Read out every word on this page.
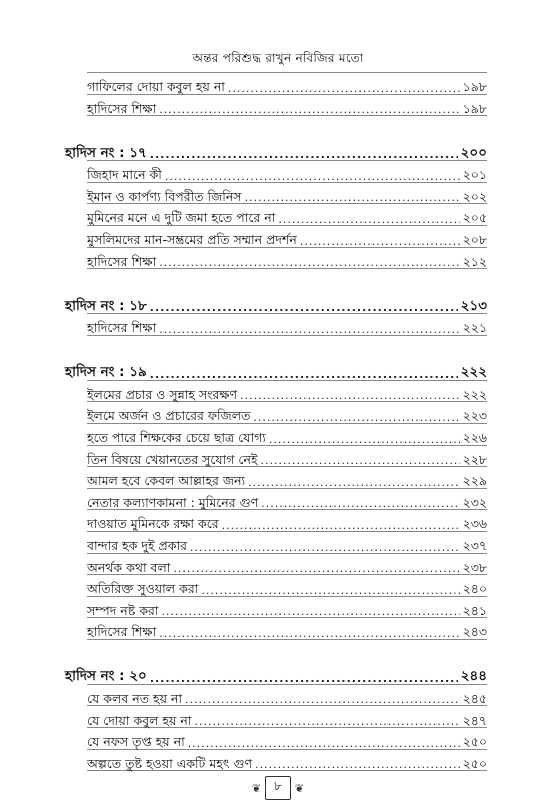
অন্তর পরিশুদ্ধ রাখুন নবিজির মতো
গাফিলের দোয়া কবুল হয় না .....	১৯৮
হাদিসের শিক্ষা .....	১৯৮
হাদিস নং : ১৭ .....	২০০
জিহাদ মানে কী .....	২০১
ইমান ও কার্পণ্য বিপরীত জিনিস .....	২০২
মুমিনের মনে এ দুটি জমা হতে পারে না .....	২০৫
মুসলিমদের মান-সম্ভ্রমের প্রতি সম্মান প্রদর্শন .....	২০৮
হাদিসের শিক্ষা .....	২১২
হাদিস নং : ১৮ .....	২১৩
হাদিসের শিক্ষা .....	২২১
হাদিস নং : ১৯ .....	২২২
ইলমের প্রচার ও সুন্নাহ সংরক্ষণ .....	২২২
ইলমে অর্জন ও প্রচারের ফজিলত .....	২২৩
হতে পারে শিক্ষকের চেয়ে ছাত্র যোগ্য .....	২২৬
তিন বিষয়ে খেয়ানতের সুযোগ নেই .....	২২৮
আমল হবে কেবল আল্লাহর জন্য .....	২২৯
নেতার কল্যাণকামনা : মুমিনের গুণ .....	২৩২
দাওয়াত মুমিনকে রক্ষা করে .....	২৩৬
বান্দার হক দুই প্রকার .....	২৩৭
অনর্থক কথা বলা .....	২৩৮
অতিরিক্ত সুওয়াল করা .....	২৪০
সম্পদ নষ্ট করা .....	২৪১
হাদিসের শিক্ষা .....	২৪৩
হাদিস নং : ২০ .....	২৪৪
যে কলব নত হয় না .....	২৪৫
যে দোয়া কবুল হয় না .....	২৪৭
যে নফস তৃপ্ত হয় না .....	২৫০
অল্পতে তুষ্ট হওয়া একটি মহৎ গুণ .....	২৫০
❦	৮	❦
